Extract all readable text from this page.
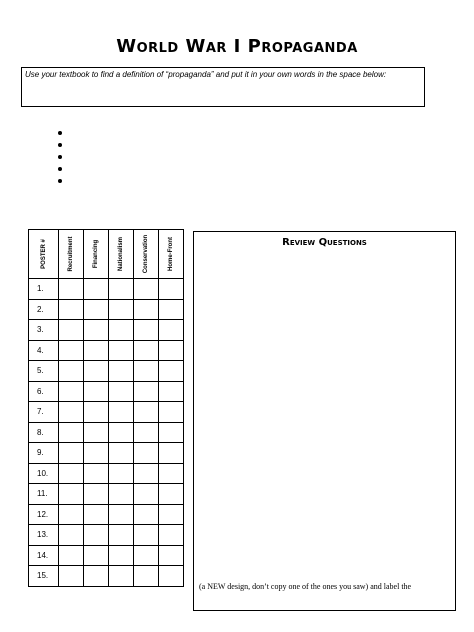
World War I Propaganda
Use your textbook to find a definition of “propaganda” and put it in your own words in the space below:
POSTER #	Recruitment	Financing	Nationalism	Conservation	Home-Front

1.					
2.					
3.					
4.					
5.					
6.					
7.					
8.					
9.					
10.					
11.					
12.					
13.					
14.					
15.					
Review Questions
(a NEW design, don’t copy one of the ones you saw) and label the
